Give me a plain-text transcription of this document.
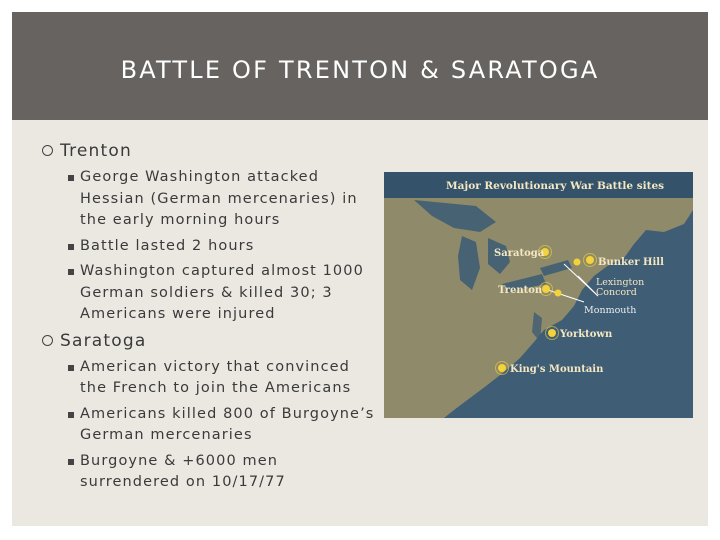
BATTLE OF TRENTON & SARATOGA
Trenton
George Washington attacked Hessian (German mercenaries) in the early morning hours
Battle lasted 2 hours
Washington captured almost 1000 German soldiers & killed 30; 3 Americans were injured
Saratoga
American victory that convinced the French to join the Americans
Americans killed 800 of Burgoyne’s German mercenaries
Burgoyne & +6000 men surrendered on 10/17/77
Major Revolutionary War Battle sites
Saratoga
Bunker Hill
Lexington
Concord
Trenton
Monmouth
Yorktown
King's Mountain
